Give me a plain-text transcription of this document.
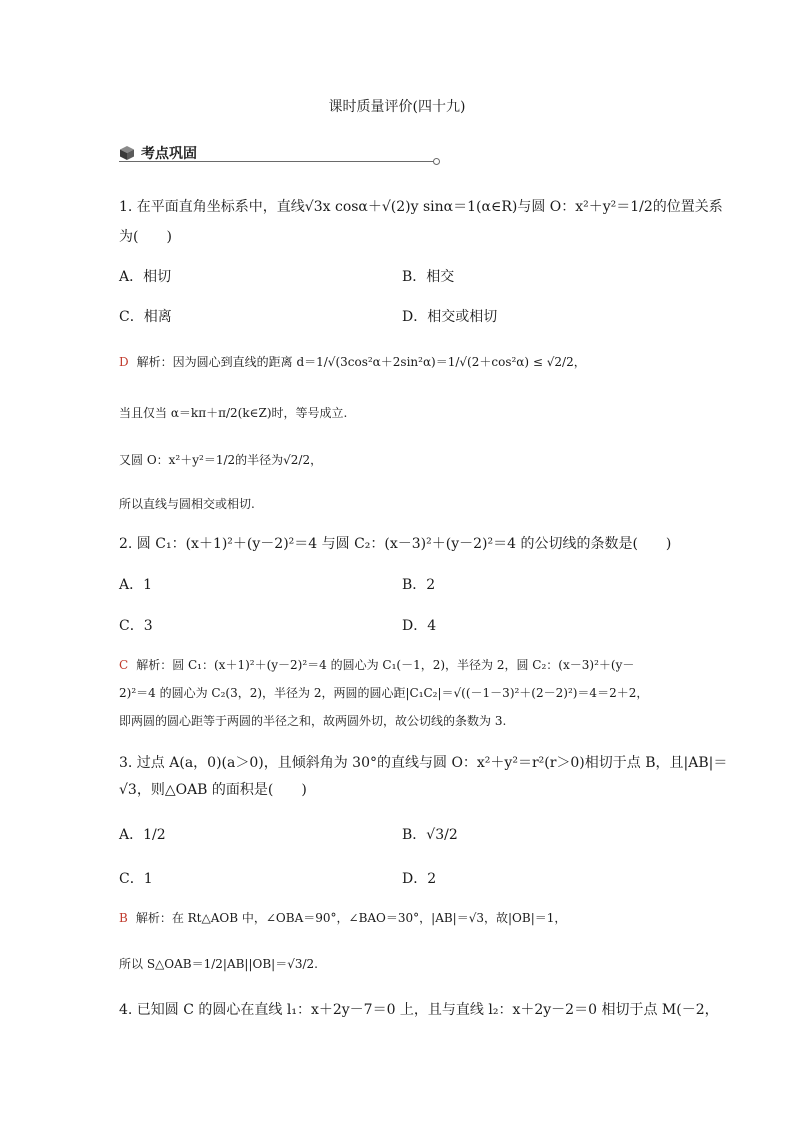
课时质量评价(四十九)
考点巩固
1. 在平面直角坐标系中，直线√3x cosα＋√(2)y sinα＝1(α∈R)与圆 O：x²＋y²＝1/2的位置关系
为(　　)
A．相切	B．相交
C．相离	D．相交或相切
D 解析：因为圆心到直线的距离 d＝1/√(3cos²α＋2sin²α)＝1/√(2＋cos²α) ≤ √2/2，
当且仅当 α＝kπ＋π/2(k∈Z)时，等号成立.
又圆 O：x²＋y²＝1/2的半径为√2/2，
所以直线与圆相交或相切.
2. 圆 C₁：(x＋1)²＋(y－2)²＝4 与圆 C₂：(x－3)²＋(y－2)²＝4 的公切线的条数是(　　)
A．1	B．2
C．3	D．4
C 解析：圆 C₁：(x＋1)²＋(y－2)²＝4 的圆心为 C₁(－1，2)，半径为 2，圆 C₂：(x－3)²＋(y－
2)²＝4 的圆心为 C₂(3，2)，半径为 2，两圆的圆心距|C₁C₂|＝√((－1－3)²＋(2－2)²)＝4＝2＋2，
即两圆的圆心距等于两圆的半径之和，故两圆外切，故公切线的条数为 3.
3. 过点 A(a，0)(a＞0)，且倾斜角为 30°的直线与圆 O：x²＋y²＝r²(r＞0)相切于点 B，且|AB|＝
√3，则△OAB 的面积是(　　)
A．1/2	B．√3/2
C．1	D．2
B 解析：在 Rt△AOB 中，∠OBA＝90°，∠BAO＝30°，|AB|＝√3，故|OB|＝1，
所以 S△OAB＝1/2|AB||OB|＝√3/2.
4. 已知圆 C 的圆心在直线 l₁：x＋2y－7＝0 上，且与直线 l₂：x＋2y－2＝0 相切于点 M(－2，
